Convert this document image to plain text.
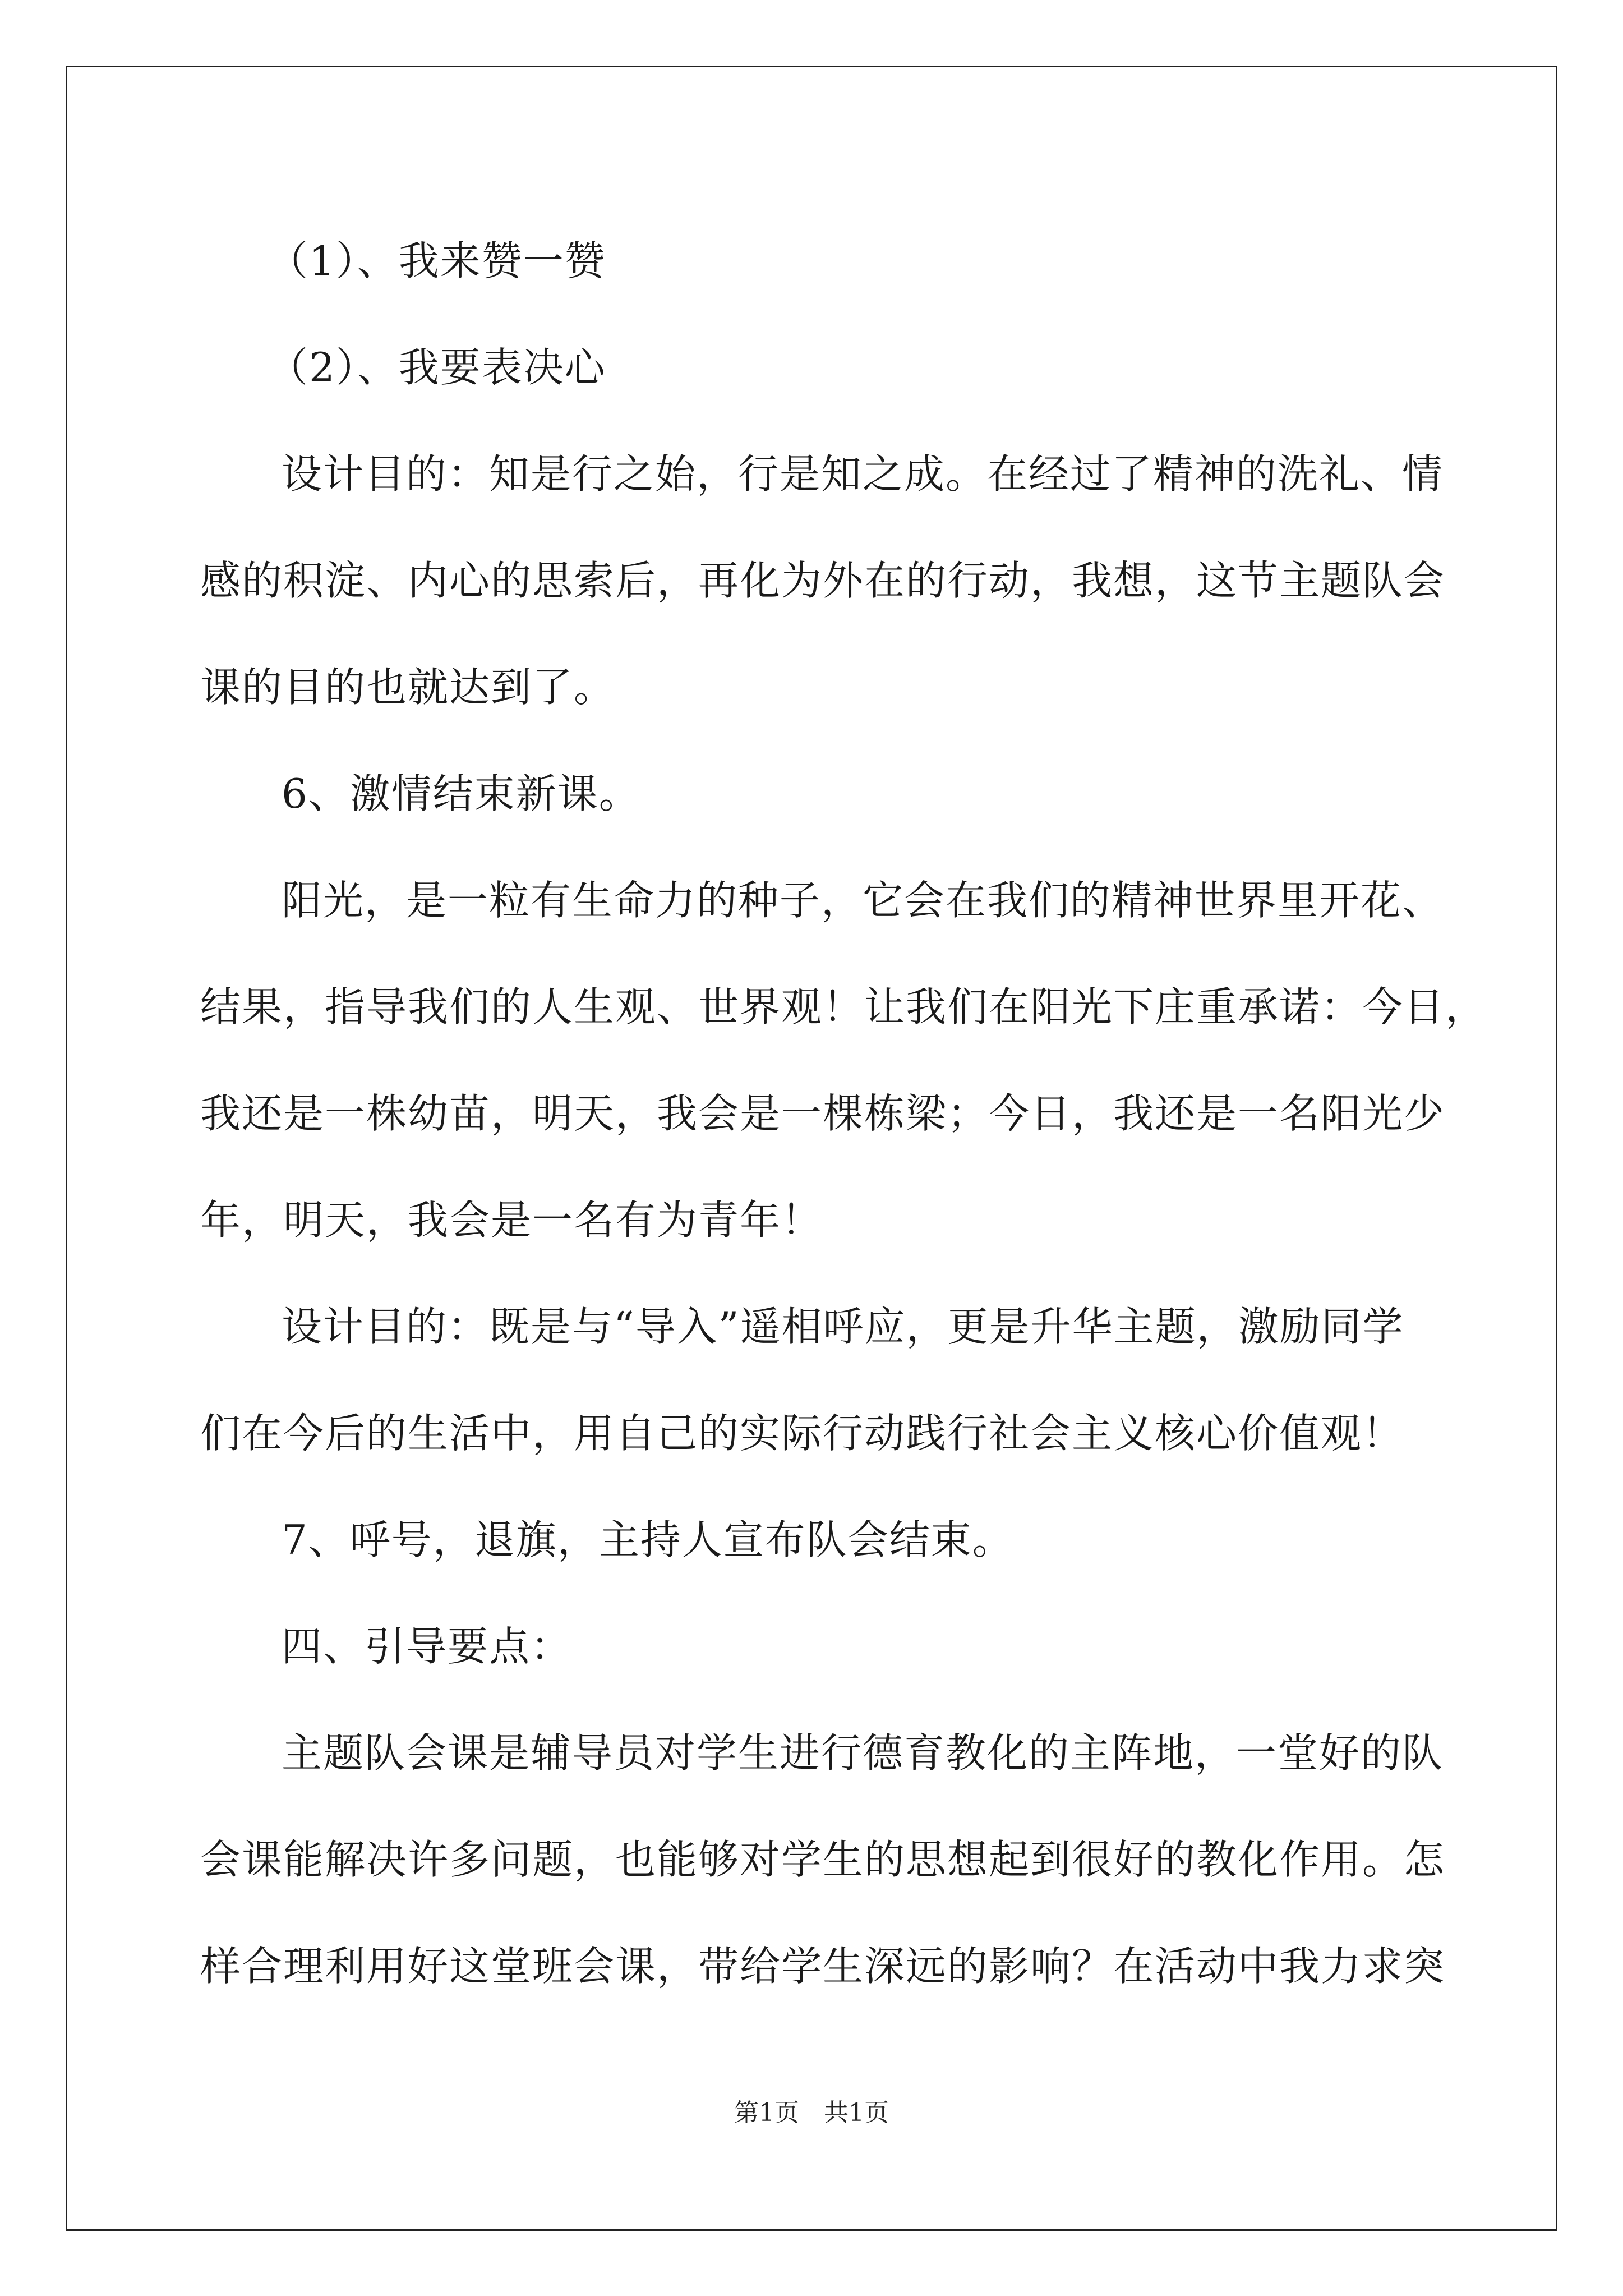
（1）、我来赞一赞
（2）、我要表决心
设计目的：知是行之始，行是知之成。在经过了精神的洗礼、情
感的积淀、内心的思索后，再化为外在的行动，我想，这节主题队会
课的目的也就达到了。
6、激情结束新课。
阳光，是一粒有生命力的种子，它会在我们的精神世界里开花、
结果，指导我们的人生观、世界观！让我们在阳光下庄重承诺：今日，
我还是一株幼苗，明天，我会是一棵栋梁；今日，我还是一名阳光少
年，明天，我会是一名有为青年！
设计目的：既是与“导入”遥相呼应，更是升华主题，激励同学
们在今后的生活中，用自己的实际行动践行社会主义核心价值观！
7、呼号，退旗，主持人宣布队会结束。
四、引导要点：
主题队会课是辅导员对学生进行德育教化的主阵地，一堂好的队
会课能解决许多问题，也能够对学生的思想起到很好的教化作用。怎
样合理利用好这堂班会课，带给学生深远的影响？在活动中我力求突
第1页　共1页
